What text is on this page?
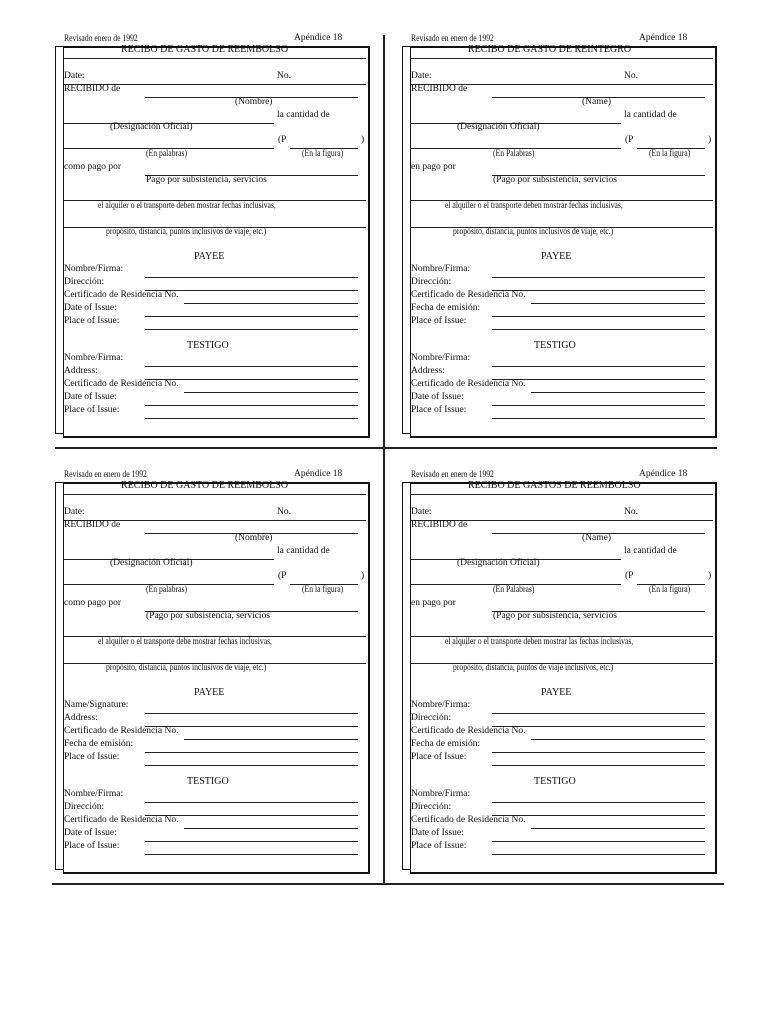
Revisado enero de 1992	Apéndice 18
RECIBO DE GASTO DE REEMBOLSO
Date:	No.
RECIBIDO de
(Nombre)
la cantidad de
(Designación Oficial)
(P	)
(En palabras)	(En la figura)
como pago por
Pago por subsistencia, servicios
el alquiler o el transporte deben mostrar fechas inclusivas,
propósito, distancia, puntos inclusivos de viaje, etc.)
PAYEE
Nombre/Firma:
Dirección:
Certificado de Residencia No.
Date of Issue:
Place of Issue:
TESTIGO
Nombre/Firma:
Address:
Certificado de Residencia No.
Date of Issue:
Place of Issue:
Revisado en enero de 1992	Apéndice 18
RECIBO DE GASTO DE REINTEGRO
Date:	No.
RECIBIDO de
(Name)
la cantidad de
(Designación Oficial)
(P	)
(En Palabras)	(En la figura)
en pago por
(Pago por subsistencia, servicios
el alquiler o el transporte deben mostrar fechas inclusivas,
propósito, distancia, puntos inclusivos de viaje, etc.)
PAYEE
Nombre/Firma:
Dirección:
Certificado de Residencia No.
Fecha de emisión:
Place of Issue:
TESTIGO
Nombre/Firma:
Address:
Certificado de Residencia No.
Date of Issue:
Place of Issue:
Revisado en enero de 1992	Apéndice 18
RECIBO DE GASTO DE REEMBOLSO
Date:	No.
RECIBIDO de
(Nombre)
la cantidad de
(Designación Oficial)
(P	)
(En palabras)	(En la figura)
como pago por
(Pago por subsistencia, servicios
el alquiler o el transporte debe mostrar fechas inclusivas,
propósito, distancia, puntos inclusivos de viaje, etc.)
PAYEE
Name/Signature:
Address:
Certificado de Residencia No.
Fecha de emisión:
Place of Issue:
TESTIGO
Nombre/Firma:
Dirección:
Certificado de Residencia No.
Date of Issue:
Place of Issue:
Revisado en enero de 1992	Apéndice 18
RECIBO DE GASTOS DE REEMBOLSO
Date:	No.
RECIBIDO de
(Name)
la cantidad de
(Designación Oficial)
(P	)
(En Palabras)	(En la figura)
en pago por
(Pago por subsistencia, servicios
el alquiler o el transporte deben mostrar las fechas inclusivas,
propósito, distancia, puntos de viaje inclusivos, etc.)
PAYEE
Nombre/Firma:
Dirección:
Certificado de Residencia No.
Fecha de emisión:
Place of Issue:
TESTIGO
Nombre/Firma:
Dirección:
Certificado de Residencia No.
Date of Issue:
Place of Issue:
